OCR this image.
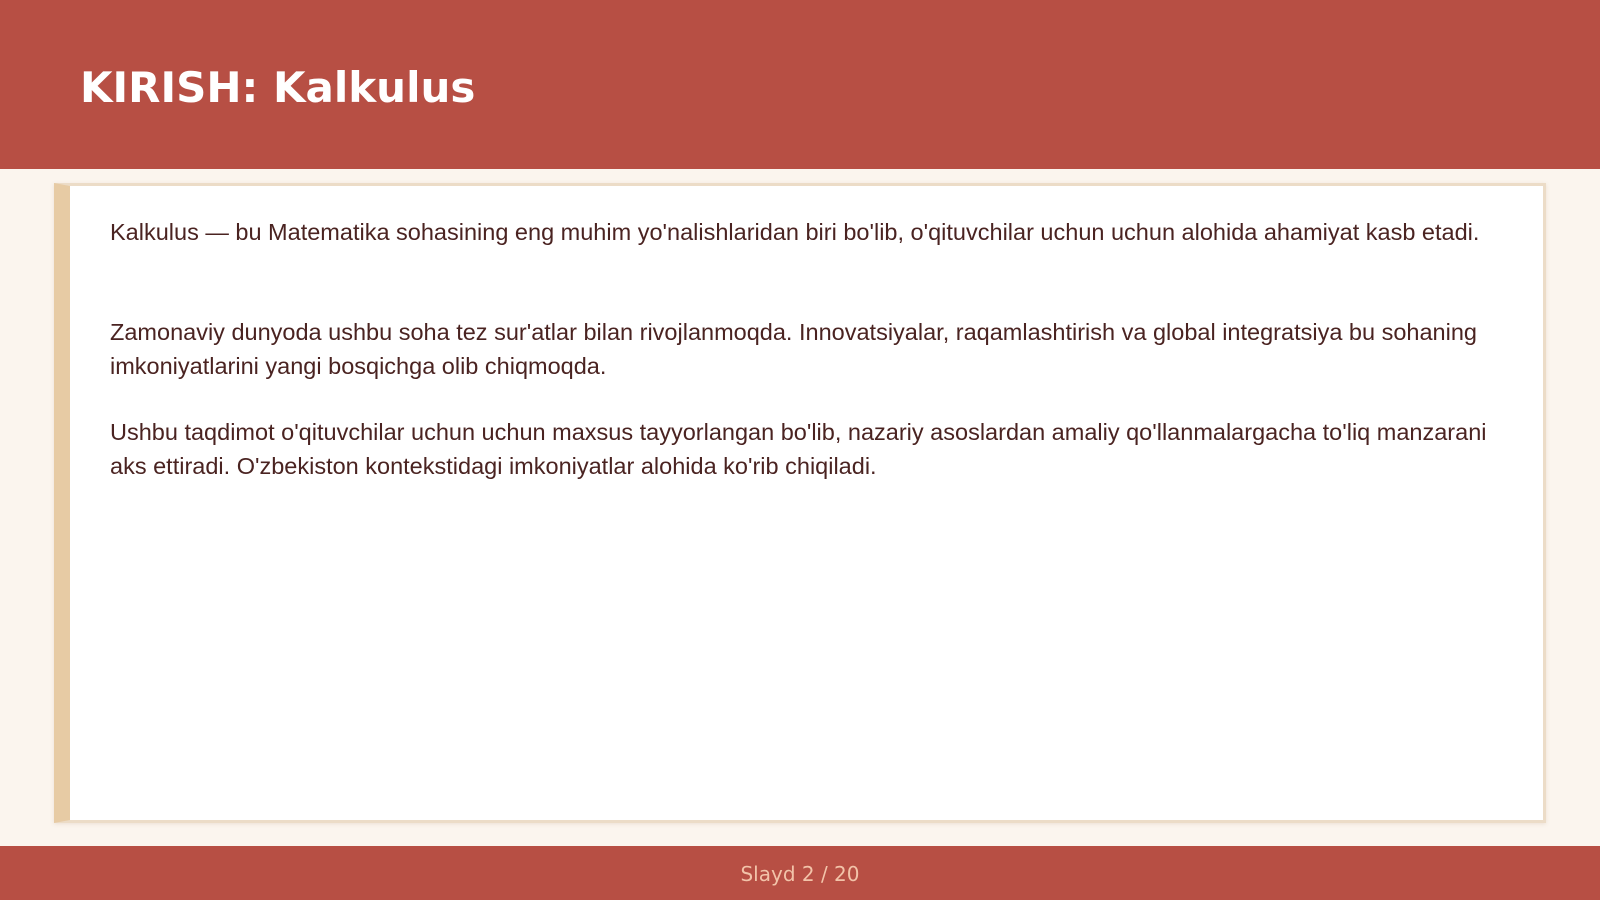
KIRISH: Kalkulus

Kalkulus — bu Matematika sohasining eng muhim yo'nalishlaridan biri bo'lib, o'qituvchilar uchun uchun alohida ahamiyat kasb etadi.

Zamonaviy dunyoda ushbu soha tez sur'atlar bilan rivojlanmoqda. Innovatsiyalar, raqamlashtirish va global integratsiya bu sohaning imkoniyatlarini yangi bosqichga olib chiqmoqda.

Ushbu taqdimot o'qituvchilar uchun uchun maxsus tayyorlangan bo'lib, nazariy asoslardan amaliy qo'llanmalargacha to'liq manzarani aks ettiradi. O'zbekiston kontekstidagi imkoniyatlar alohida ko'rib chiqiladi.

Slayd 2 / 20
